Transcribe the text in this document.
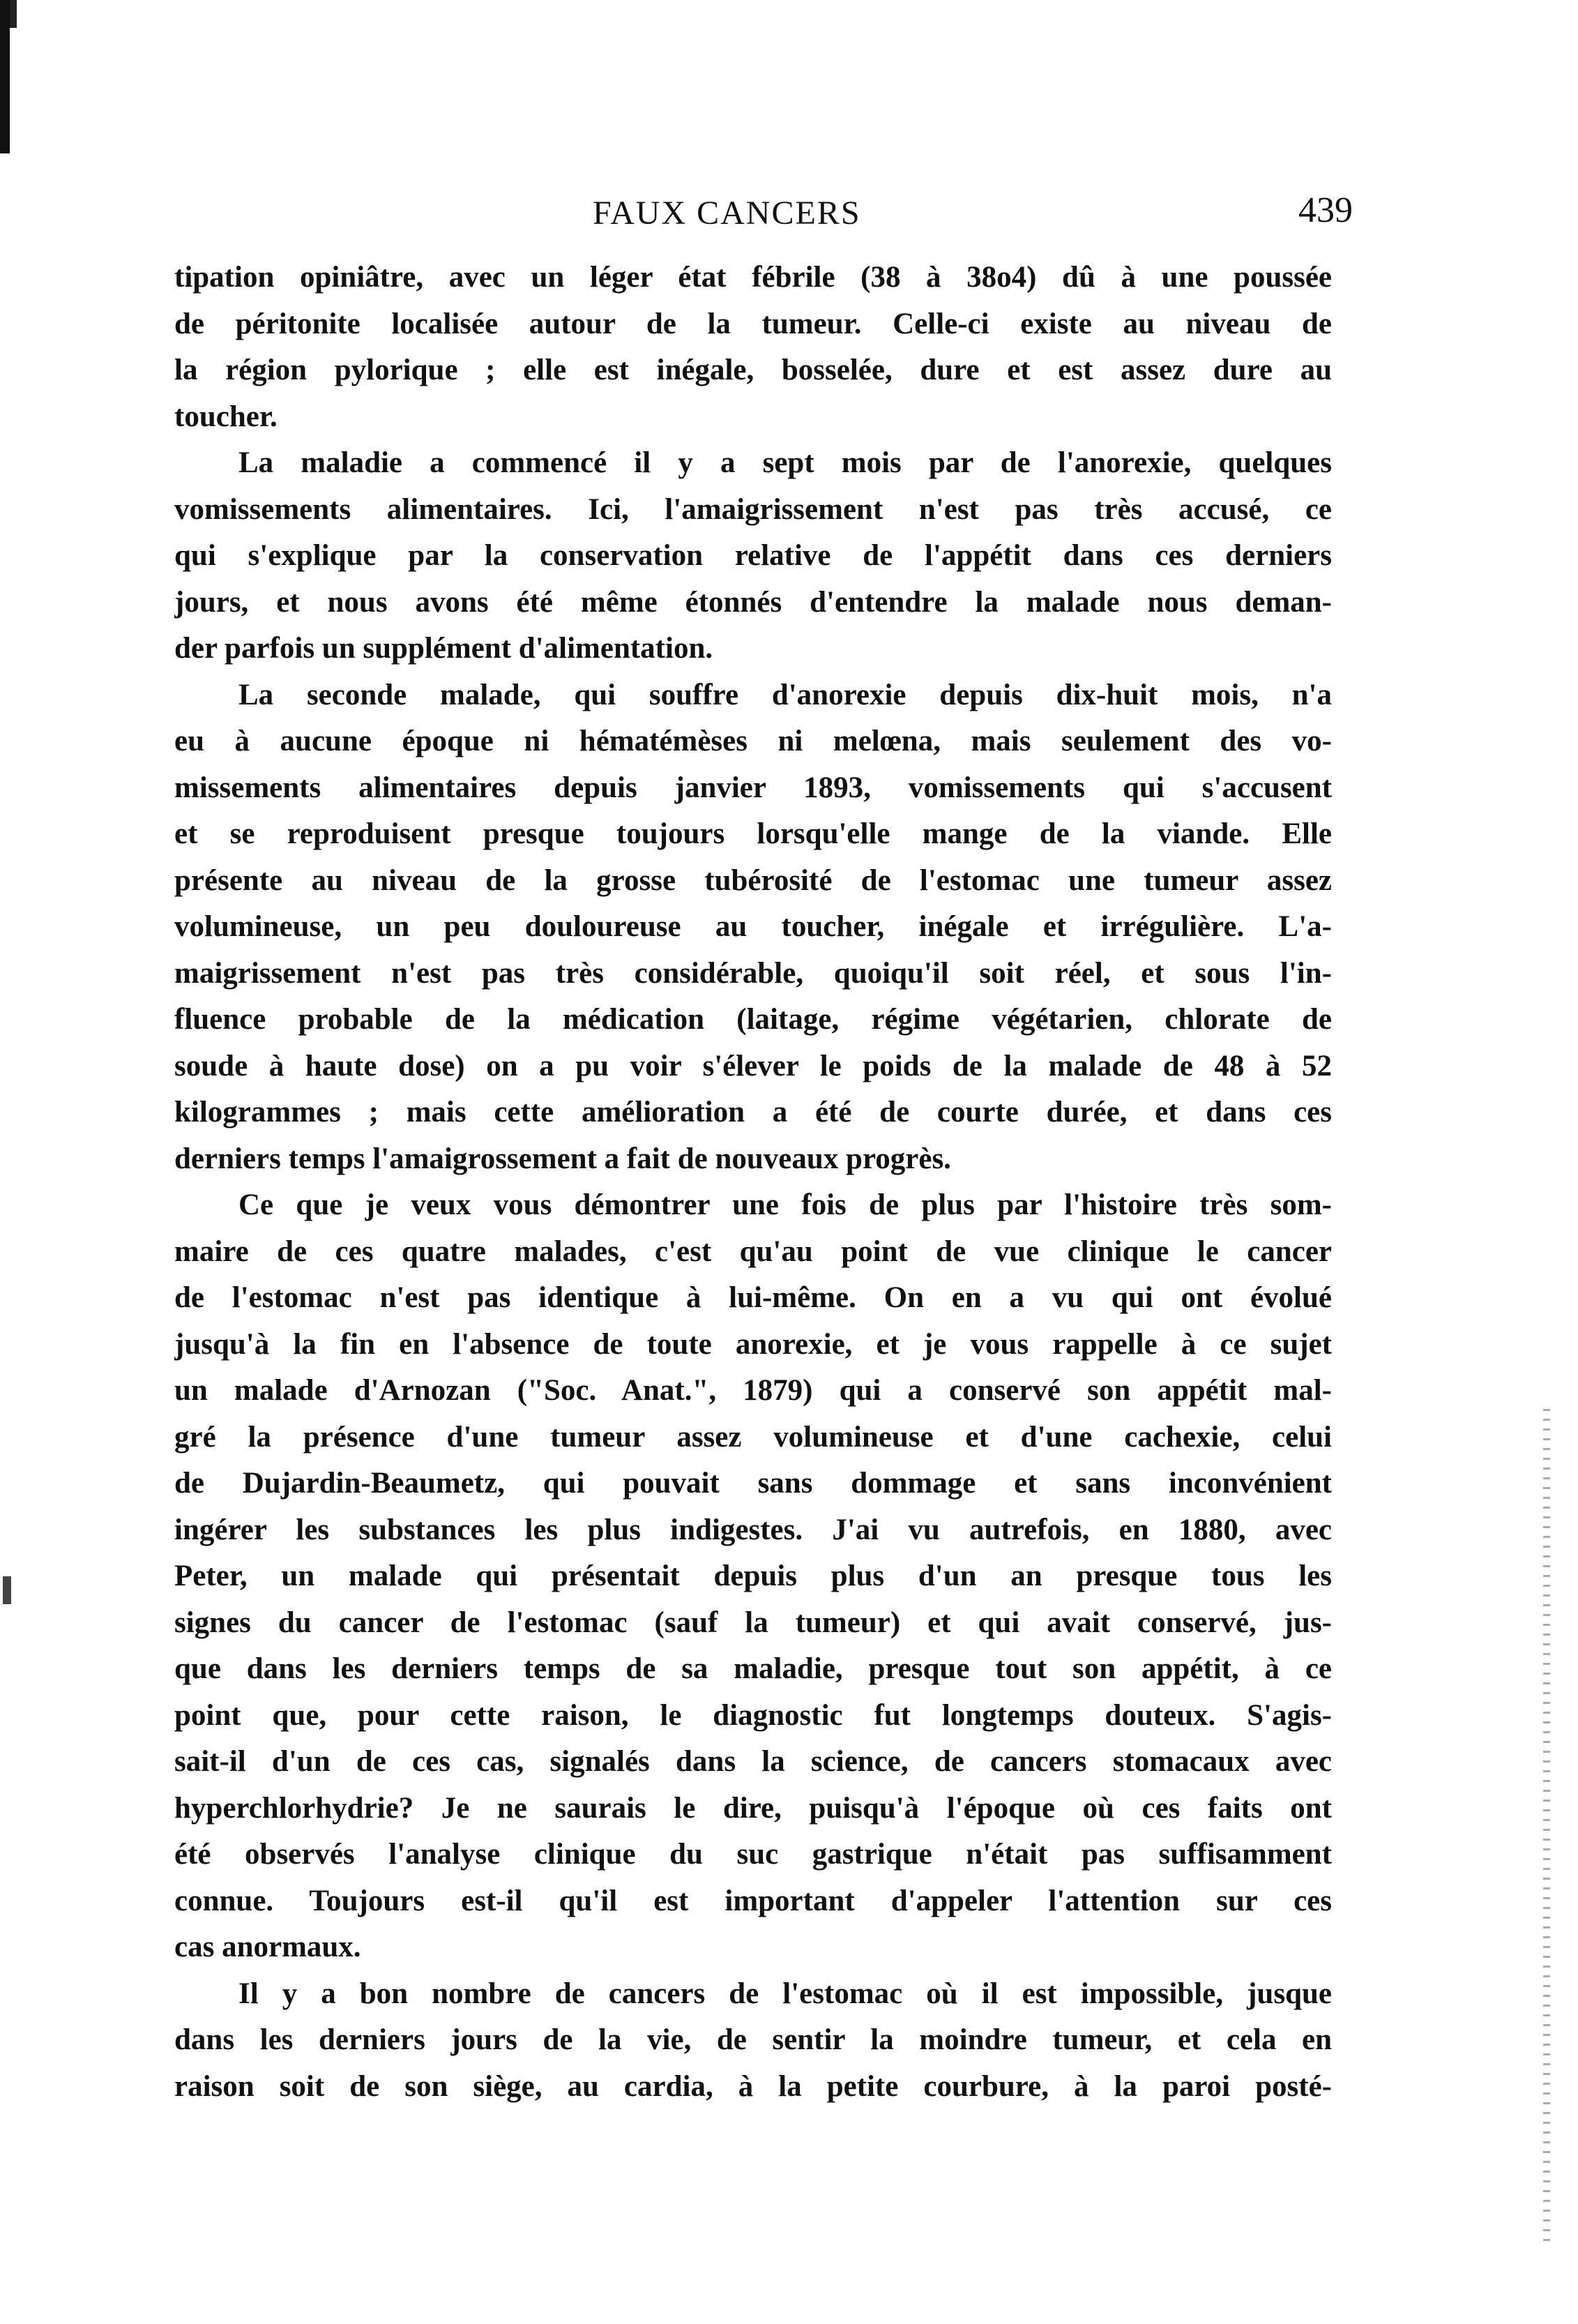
FAUX CANCERS	439
tipation opiniâtre, avec un léger état fébrile (38 à 38o4) dû à une poussée
de péritonite localisée autour de la tumeur. Celle-ci existe au niveau de
la région pylorique ; elle est inégale, bosselée, dure et est assez dure au
toucher.
La maladie a commencé il y a sept mois par de l'anorexie, quelques
vomissements alimentaires. Ici, l'amaigrissement n'est pas très accusé, ce
qui s'explique par la conservation relative de l'appétit dans ces derniers
jours, et nous avons été même étonnés d'entendre la malade nous deman-
der parfois un supplément d'alimentation.
La seconde malade, qui souffre d'anorexie depuis dix-huit mois, n'a
eu à aucune époque ni hématémèses ni melœna, mais seulement des vo-
missements alimentaires depuis janvier 1893, vomissements qui s'accusent
et se reproduisent presque toujours lorsqu'elle mange de la viande. Elle
présente au niveau de la grosse tubérosité de l'estomac une tumeur assez
volumineuse, un peu douloureuse au toucher, inégale et irrégulière. L'a-
maigrissement n'est pas très considérable, quoiqu'il soit réel, et sous l'in-
fluence probable de la médication (laitage, régime végétarien, chlorate de
soude à haute dose) on a pu voir s'élever le poids de la malade de 48 à 52
kilogrammes ; mais cette amélioration a été de courte durée, et dans ces
derniers temps l'amaigrossement a fait de nouveaux progrès.
Ce que je veux vous démontrer une fois de plus par l'histoire très som-
maire de ces quatre malades, c'est qu'au point de vue clinique le cancer
de l'estomac n'est pas identique à lui-même. On en a vu qui ont évolué
jusqu'à la fin en l'absence de toute anorexie, et je vous rappelle à ce sujet
un malade d'Arnozan ("Soc. Anat.", 1879) qui a conservé son appétit mal-
gré la présence d'une tumeur assez volumineuse et d'une cachexie, celui
de Dujardin-Beaumetz, qui pouvait sans dommage et sans inconvénient
ingérer les substances les plus indigestes. J'ai vu autrefois, en 1880, avec
Peter, un malade qui présentait depuis plus d'un an presque tous les
signes du cancer de l'estomac (sauf la tumeur) et qui avait conservé, jus-
que dans les derniers temps de sa maladie, presque tout son appétit, à ce
point que, pour cette raison, le diagnostic fut longtemps douteux. S'agis-
sait-il d'un de ces cas, signalés dans la science, de cancers stomacaux avec
hyperchlorhydrie? Je ne saurais le dire, puisqu'à l'époque où ces faits ont
été observés l'analyse clinique du suc gastrique n'était pas suffisamment
connue. Toujours est-il qu'il est important d'appeler l'attention sur ces
cas anormaux.
Il y a bon nombre de cancers de l'estomac où il est impossible, jusque
dans les derniers jours de la vie, de sentir la moindre tumeur, et cela en
raison soit de son siège, au cardia, à la petite courbure, à la paroi posté-
